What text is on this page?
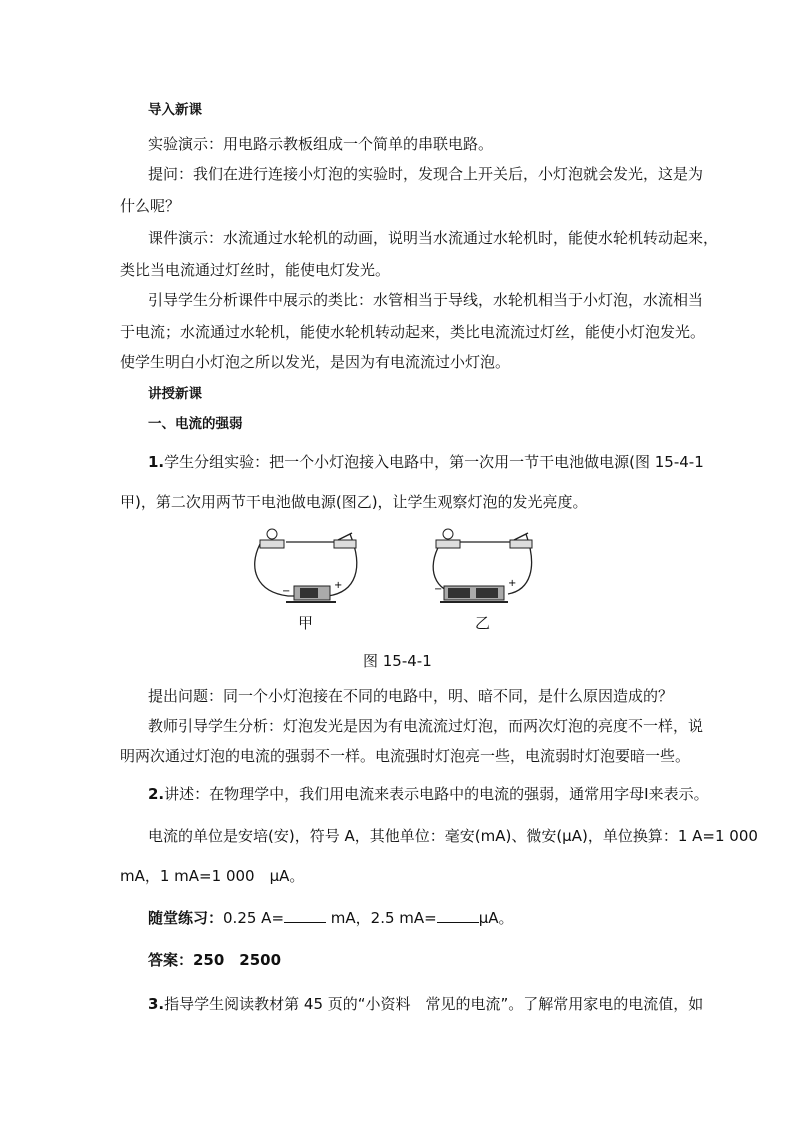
导入新课
实验演示：用电路示教板组成一个简单的串联电路。
提问：我们在进行连接小灯泡的实验时，发现合上开关后，小灯泡就会发光，这是为
什么呢？
课件演示：水流通过水轮机的动画，说明当水流通过水轮机时，能使水轮机转动起来，
类比当电流通过灯丝时，能使电灯发光。
引导学生分析课件中展示的类比：水管相当于导线，水轮机相当于小灯泡，水流相当
于电流；水流通过水轮机，能使水轮机转动起来，类比电流流过灯丝，能使小灯泡发光。
使学生明白小灯泡之所以发光，是因为有电流流过小灯泡。
讲授新课
一、电流的强弱
1.学生分组实验：把一个小灯泡接入电路中，第一次用一节干电池做电源(图 15-4-1
甲)，第二次用两节干电池做电源(图乙)，让学生观察灯泡的发光亮度。
−
+	−
+
甲	乙
图 15-4-1
提出问题：同一个小灯泡接在不同的电路中，明、暗不同，是什么原因造成的？
教师引导学生分析：灯泡发光是因为有电流流过灯泡，而两次灯泡的亮度不一样，说
明两次通过灯泡的电流的强弱不一样。电流强时灯泡亮一些，电流弱时灯泡要暗一些。
2.讲述：在物理学中，我们用电流来表示电路中的电流的强弱，通常用字母I来表示。
电流的单位是安培(安)，符号 A，其他单位：毫安(mA)、微安(μA)，单位换算：1 A=1 000
mA，1 mA=1 000　μA。
随堂练习：0.25 A=	mA，2.5 mA=	μA。
答案：250　2500
3.指导学生阅读教材第 45 页的“小资料　常见的电流”。了解常用家电的电流值，如
